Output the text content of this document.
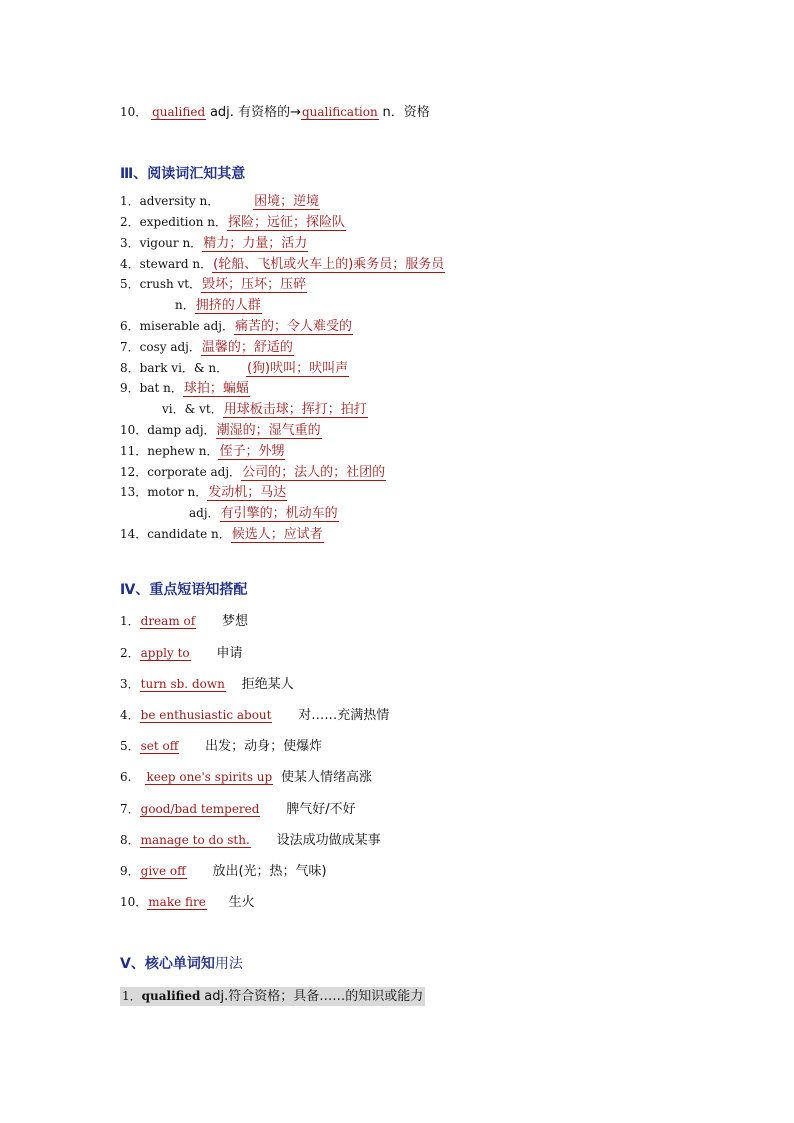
10． qualified adj. 有资格的→qualification n．资格
Ⅲ、阅读词汇知其意
1．adversity n．	困境；逆境
2．expedition n．探险；远征；探险队
3．vigour n．精力；力量；活力
4．steward n．(轮船、飞机或火车上的)乘务员；服务员
5．crush vt．毁坏；压坏；压碎
n．拥挤的人群
6．miserable adj．痛苦的；令人难受的
7．cosy adj．温馨的；舒适的
8．bark vi．& n． (狗)吠叫；吠叫声
9．bat n．球拍；蝙蝠
vi．& vt．用球板击球；挥打；拍打
10．damp adj．潮湿的；湿气重的
11．nephew n．侄子；外甥
12．corporate adj．公司的；法人的；社团的
13．motor n．发动机；马达
adj．有引擎的；机动车的
14．candidate n．候选人；应试者
Ⅳ、重点短语知搭配
1．dream of 梦想
2．apply to 申请
3．turn sb. down 拒绝某人
4．be enthusiastic about 对……充满热情
5．set off 出发；动身；使爆炸
6. keep one's spirits up 使某人情绪高涨
7．good/bad tempered 脾气好/不好
8．manage to do sth. 设法成功做成某事
9．give off 放出(光；热；气味)
10．make fire 生火
Ⅴ、核心单词知用法
1．qualified adj.符合资格；具备……的知识或能力
